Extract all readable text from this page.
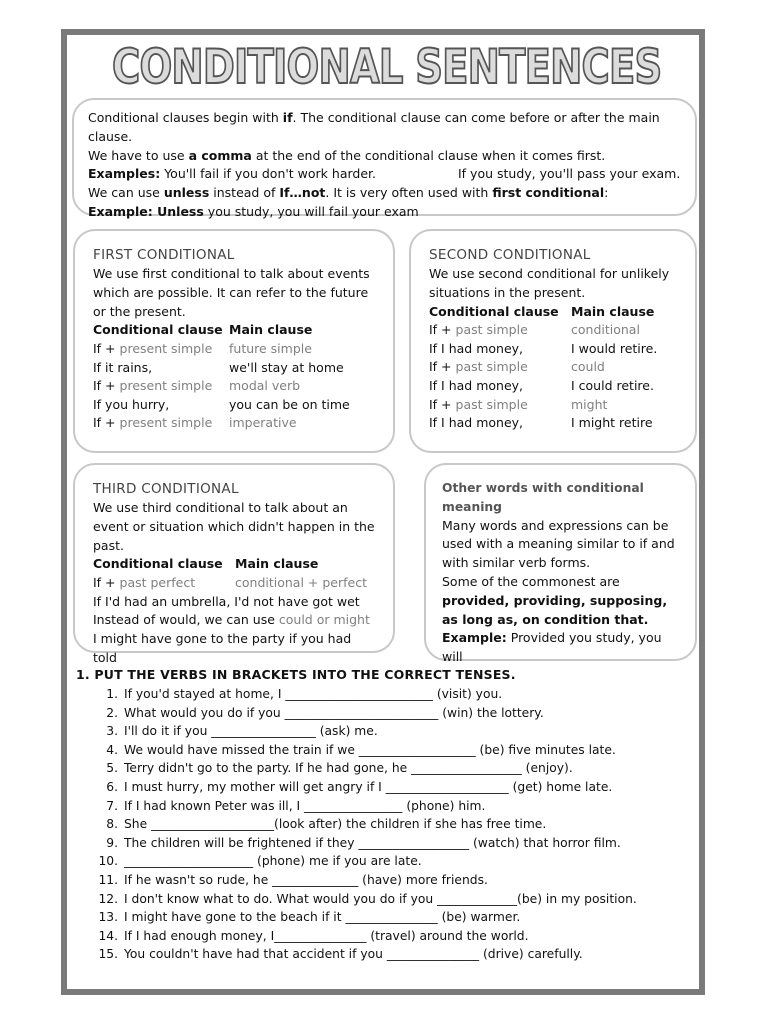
CONDITIONAL SENTENCES
Conditional clauses begin with if. The conditional clause can come before or after the main clause.
We have to use a comma at the end of the conditional clause when it comes first.
Examples: You'll fail if you don't work harder.	If you study, you'll pass your exam.
We can use unless instead of If…not. It is very often used with first conditional:
Example: Unless you study, you will fail your exam
FIRST CONDITIONAL
We use first conditional to talk about events which are possible. It can refer to the future or the present.
Conditional clause Main clause
If + present simple	future simple
If it rains,	we'll stay at home
If + present simple	modal verb
If you hurry,	you can be on time
If + present simple	imperative
SECOND CONDITIONAL
We use second conditional for unlikely situations in the present.
Conditional clause Main clause
If + past simple	conditional
If I had money,	I would retire.
If + past simple	could
If I had money,	I could retire.
If + past simple	might
If I had money,	I might retire
THIRD CONDITIONAL
We use third conditional to talk about an event or situation which didn't happen in the past.
Conditional clause Main clause
If + past perfect	conditional + perfect
If I'd had an umbrella, I'd not have got wet
Instead of would, we can use could or might
I might have gone to the party if you had told
Other words with conditional meaning
Many words and expressions can be used with a meaning similar to if and with similar verb forms.
Some of the commonest are provided, providing, supposing, as long as, on condition that.
Example: Provided you study, you will
1. PUT THE VERBS IN BRACKETS INTO THE CORRECT TENSES.
1. If you'd stayed at home, I ________________________ (visit) you.
2. What would you do if you _________________________ (win) the lottery.
3. I'll do it if you _________________ (ask) me.
4. We would have missed the train if we ___________________ (be) five minutes late.
5. Terry didn't go to the party. If he had gone, he __________________ (enjoy).
6. I must hurry, my mother will get angry if I ____________________ (get) home late.
7. If I had known Peter was ill, I ________________ (phone) him.
8. She ____________________(look after) the children if she has free time.
9. The children will be frightened if they __________________ (watch) that horror film.
10. _____________________ (phone) me if you are late.
11. If he wasn't so rude, he ______________ (have) more friends.
12. I don't know what to do. What would you do if you _____________(be) in my position.
13. I might have gone to the beach if it _______________ (be) warmer.
14. If I had enough money, I_______________ (travel) around the world.
15. You couldn't have had that accident if you _______________ (drive) carefully.
